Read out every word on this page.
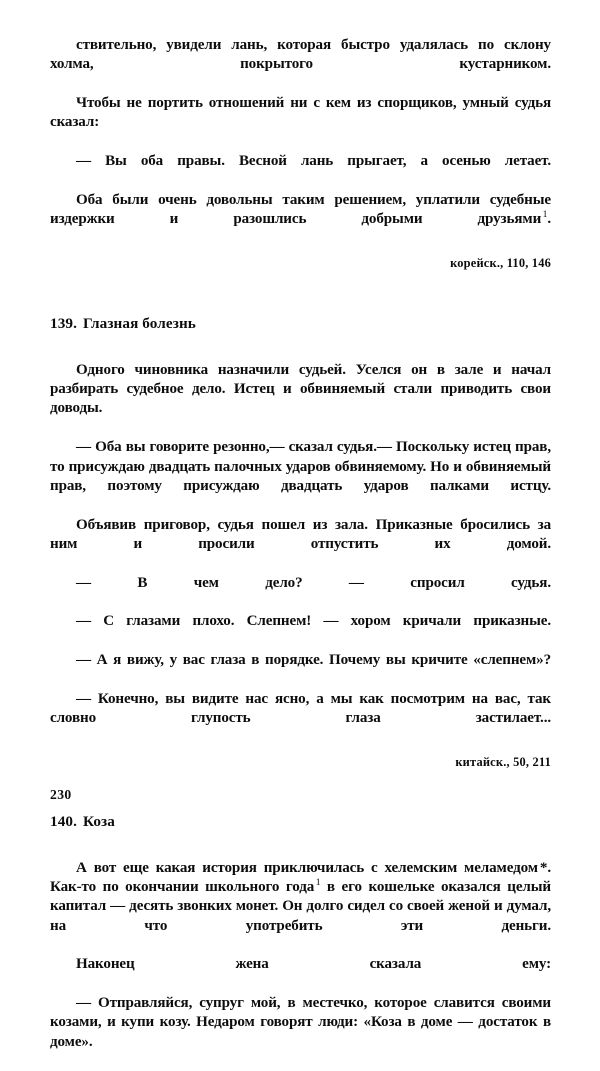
ствительно, увидели лань, которая быстро удалялась по склону холма, покрытого кустарником.

Чтобы не портить отношений ни с кем из спорщиков, умный судья сказал:

— Вы оба правы. Весной лань прыгает, а осенью летает.

Оба были очень довольны таким решением, уплатили судебные издержки и разошлись добрыми друзьями $^1$.

корейск., 110, 146

139. Глазная болезнь

Одного чиновника назначили судьей. Уселся он в зале и начал разбирать судебное дело. Истец и обвиняемый стали приводить свои доводы.

— Оба вы говорите резонно,— сказал судья.— Поскольку истец прав, то присуждаю двадцать палочных ударов обвиняемому. Но и обвиняемый прав, поэтому присуждаю двадцать ударов палками истцу.

Объявив приговор, судья пошел из зала. Приказные бросились за ним и просили отпустить их домой.

— В чем дело? — спросил судья.

— С глазами плохо. Слепнем! — хором кричали приказные.

— А я вижу, у вас глаза в порядке. Почему вы кричите «слепнем»?

— Конечно, вы видите нас ясно, а мы как посмотрим на вас, так словно глупость глаза застилает...

китайск., 50, 211

140. Коза

А вот еще какая история приключилась с хелемским меламедом *. Как-то по окончании школьного года $^1$ в его кошельке оказался целый капитал — десять звонких монет. Он долго сидел со своей женой и думал, на что употребить эти деньги.

Наконец жена сказала ему:

— Отправляйся, супруг мой, в местечко, которое славится своими козами, и купи козу. Недаром говорят люди: «Коза в доме — достаток в доме».

230
